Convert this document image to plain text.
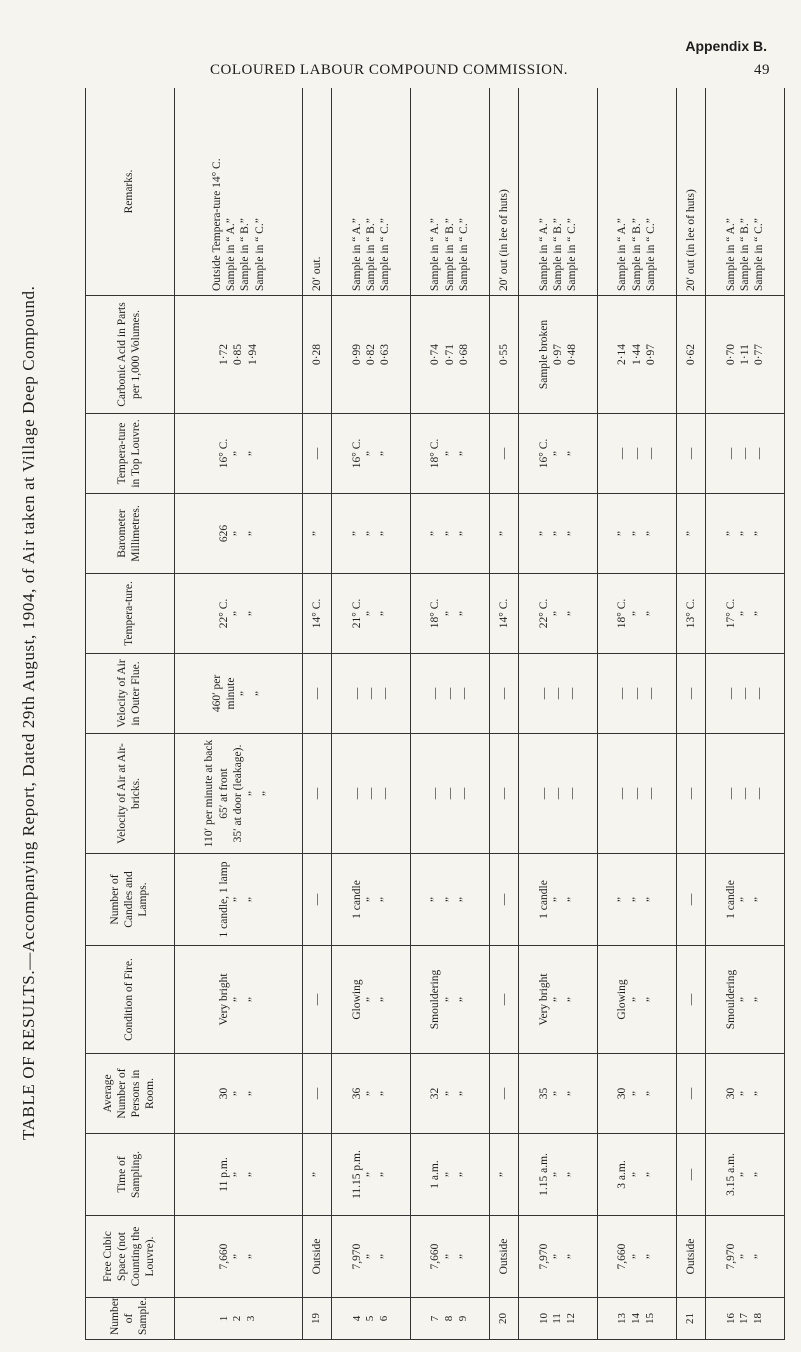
Appendix B.
COLOURED LABOUR COMPOUND COMMISSION.	49
TABLE OF RESULTS.—Accompanying Report, Dated 29th August, 1904, of Air taken at Village Deep Compound.
Number of Sample.	Free Cubic Space (not Counting the Louvre).	Time of Sampling.	Average Number of Persons in Room.	Condition of Fire.	Number of Candles and Lamps.	Velocity of Air at Air-bricks.	Velocity of Air in Outer Flue.	Tempera-ture.	Barometer Millimetres.	Tempera-ture in Top Louvre.	Carbonic Acid in Parts per 1,000 Volumes.	Remarks.

1 2 3	7,660 ” ”	11 p.m. ” ”	30 ” ”	Very bright ” ”	1 candle, 1 lamp ” ”	110′ per minute at back 65′ at front 35′ at door (leakage). ” ”	460′ per minute ” ”	22° C. ” ”	626 ” ”	16° C. ” ”	1·72 0·85 1·94	Outside Tempera-ture 14° C. Sample in “ A.” Sample in “ B.” Sample in “ C.”

19	Outside	”	—	—	—	—	—	14° C.	”	—	0·28	20′ out.

4 5 6	7,970 ” ”	11.15 p.m. ” ”	36 ” ”	Glowing ” ”	1 candle ” ”	— — —	— — —	21° C. ” ”	” ” ”	16° C. ” ”	0·99 0·82 0·63	Sample in “ A.” Sample in “ B.” Sample in “ C.”

7 8 9	7,660 ” ”	1 a.m. ” ”	32 ” ”	Smouldering ” ”	” ” ”	— — —	— — —	18° C. ” ”	” ” ”	18° C. ” ”	0·74 0·71 0·68	Sample in “ A.” Sample in “ B.” Sample in “ C.”

20	Outside	”	—	—	—	—	—	14° C.	”	—	0·55	20′ out (in lee of huts)

10 11 12	7,970 ” ”	1.15 a.m. ” ”	35 ” ”	Very bright ” ”	1 candle ” ”	— — —	— — —	22° C. ” ”	” ” ”	16° C. ” ”	Sample broken 0·97 0·48	Sample in “ A.” Sample in “ B.” Sample in “ C.”

13 14 15	7,660 ” ”	3 a.m. ” ”	30 ” ”	Glowing ” ”	” ” ”	— — —	— — —	18° C. ” ”	” ” ”	— — —	2·14 1·44 0·97	Sample in “ A.” Sample in “ B.” Sample in “ C.”

21	Outside	—	—	—	—	—	—	13° C.	”	—	0·62	20′ out (in lee of huts)

16 17 18	7,970 ” ”	3.15 a.m. ” ”	30 ” ”	Smouldering ” ”	1 candle ” ”	— — —	— — —	17° C. ” ”	” ” ”	— — —	0·70 1·11 0·77	Sample in “ A.” Sample in “ B.” Sample in “ C.”
